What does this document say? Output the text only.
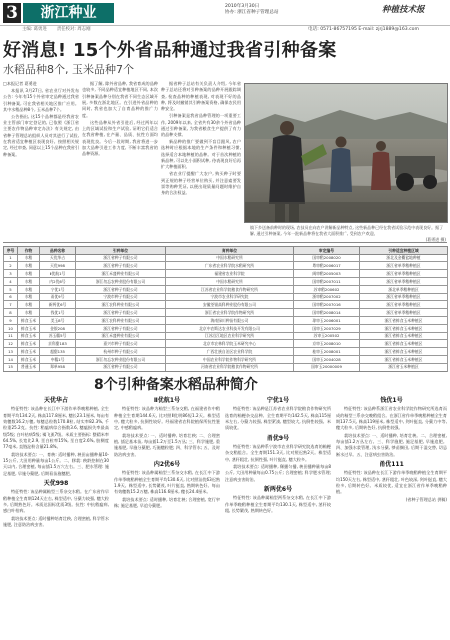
3	浙江种业	2010年3月30日
协办: 浙江省种子管理总站	种植技术报
主编: 葛勇进 责任校对: 周志刚	电话: 0571-86757195 E-mail: zjrj1889@163.com
好消息! 15个外省品种通过我省引种备案
水稻品种8个, 玉米品种7个

□本报记者 葛勇进

本报讯 3月27日, 省农业厅对外发布公告: 今年有15个外省审定品种通过我省引种备案, 可在我省相关地区推广应用。其中水稻品种8个, 玉米品种7个。

公告指出, 这15个品种都是经我省农业主管部门审定登记的, 已依照《浙江省主要农作物品种审定办法》有关规定, 由省种子管理总站组织人员对其进行了试验, 在我省适宜种植区表现良好。按照相关规定, 经过审查, 同意以上15个品种在我省引种备案。

据了解, 除外省品种, 我省育成的品种也较多, 不同品种适宜种植地区不同, 本次引种备案品种分别在我省不同生态区域开展, 多数在浙北地区。在引进外省品种的同时, 我省也加大了自育品种的推广力度。

这些品种从外省引进后, 经过两年以上的区域试验和生产试验, 证明它们适合在我省种植, 在产量、品质、抗性方面均表现优良。今后一段时期, 我省将进一步加大品种引进工作力度, 不断丰富我省的品种资源。

据省种子总站有关负责人介绍, 今年省种子总站还将对引种备案的品种开展跟踪调查, 检查品种的种植表现, 对表现不好的品种, 将及时撤销其引种备案资格, 确保农民用种安全。

引种备案是我省品种管理的一项重要工作, 2009年以来, 全省共有30余个外省品种通过引种备案, 为我省粮食生产提供了有力的品种支撑。

新品种的推广要做到不盲目跟风, 农户选种时应根据本地的生产条件和种植习惯, 选择适合本地种植的品种。对于首次种植的新品种, 可以先小面积试种, 待表现良好后再扩大种植面积。

省农业厅提醒广大农户, 购买种子时要到正规的种子经营单位购买, 并注意索要发票等购种凭证, 以便出现质量问题时维护自身的合法权益。

镇下乡送备前种时的现场, 农技员在向农户讲解新品种特点, 这些新品种已经在我省试验示范中表现良好。据了解, 通过引种备案, 今年一批新品种将在我省大面积推广, 受到农户欢迎。
(葛勇进 摄)
序号	作物	品种名称	引种单位	育种单位	审定编号	引种适宜种植区域
1	水稻	天优华占	浙江省种子有限公司	中国水稻研究所	国审稻2008020	浙北及金衢盆地种植
2	水稻	天优998	浙江省种子有限公司	广东省农业科学院水稻研究所	粤审稻2006017	浙江省单季稻种植区
3	水稻	Ⅱ优航1号	浙江禾盛种业有限公司	福建省农业科学院	闽审稻2005003	浙江省单季稻种植区
4	水稻	内2优6号	浙江勿忘农种业股份有限公司	中国水稻研究所	国审稻2007011	浙江省单季稻种植区
5	水稻	宁优1号	浙江省种子有限公司	江苏省农业科学院粮食作物研究所	苏审稻200602	浙北单季稻种植区
6	水稻	甬优9号	宁波市种子有限公司	宁波市农业科学研究院	浙审稻2007002	浙江省单季稻种植区
7	水稻	新两优6号	浙江农科种业有限公司	安徽荃银高科种业股份有限公司	国审稻2007016	浙江省单季稻种植区
8	水稻	钱优1号	浙江省种子有限公司	浙江省农业科学院作物研究所	国审稻2008014	浙江省单季稻种植区
9	鲜食玉米	美玉8号	浙江农科种业有限公司	海南绿川种苗有限公司	琼审玉2006001	浙江省鲜食玉米种植区
10	鲜食玉米	金银208	浙江省种子有限公司	北京中农斯达农业科技开发有限公司	国审玉2007029	浙江省鲜食玉米种植区
11	鲜食玉米	苏玉糯5号	浙江禾盛种业有限公司	江苏沿江地区农业科学研究所	苏审玉200502	浙江省鲜食玉米种植区
12	鲜食玉米	京科甜183	嘉兴市种子有限公司	北京市农林科学院玉米研究中心	京审玉2008010	浙江省鲜食玉米种植区
13	鲜食玉米	超甜135	杭州市种子有限公司	广西壮族自治区农业科学院	桂审玉2008001	浙江省鲜食玉米种植区
14	鲜食玉米	中糯1号	浙江勿忘农种业股份有限公司	中国农业科学院作物科学研究所	国审玉2004028	浙江省鲜食玉米种植区
15	普通玉米	郑单958	浙江省种子有限公司	河南省农业科学院粮食作物研究所	国审玉20000009	浙江省玉米种植区
8个引种备案水稻品种简介

天优华占

特征特性: 该品种在长江中下游作单季晚稻种植, 全生育期平均134.2天, 株高117.8厘米, 穗长23.1厘米, 每亩有效穗数16.2万穗, 每穗总粒数170.8粒, 结实率82.3%, 千粒重25.2克。抗性: 稻瘟病综合指数3.6, 穗瘟损失率最高级5级; 白叶枯病5级; 褐飞虱7级。米质主要指标: 整精米率64.5%, 长宽比2.9, 垩白粒率15%, 垩白度2.6%, 胶稠度77毫米, 直链淀粉含量21.8%。

栽培技术要点: 一、育秧: 适时播种, 秧田亩播种量10-15公斤, 大田用种量每亩1公斤。二、移栽: 秧龄控制在30天以内, 合理密植, 每亩插1.5万穴左右。三、肥水管理: 施足基肥, 早施分蘖肥, 后期看苗施穗肥。

天优998

特征特性: 该品种属籼型三系杂交水稻。在广东省作早稻种植全生育期124天左右, 株型适中, 分蘖力较强, 穗大粒多, 后期熟色好。米质达国标优质3级。抗性: 中抗稻瘟病, 感白叶枯病。

栽培技术要点: 适时播种培育壮秧, 合理密植, 科学管水施肥, 注意防治病虫害。

Ⅱ优航1号

特征特性: 该品种为籼型三系杂交稻, 在福建省作中稻种植全生育期144.6天, 比对照Ⅱ优明86短1.2天。株型适中, 穗大粒多, 抗倒性较好。经福建省农科院植保所抗性鉴定, 中感稻瘟病。

栽培技术要点: 一、适时播种, 培育壮秧; 二、合理密植, 插足基本苗, 每亩插1.2万至1.5万丛; 三、科学施肥, 重施基肥, 早施分蘖肥, 巧施穗粒肥; 四、科学管水; 五、及时防治病虫害。

内2优6号

特征特性: 该品种属籼型三系杂交水稻, 在长江中下游作单季晚稻种植全生育期平均130.6天, 比对照汕优63迟熟1.9天。株型适中, 长势繁茂, 叶片挺直, 熟期转色好。每亩有效穗数15.2万穗, 株高116.6厘米, 穗长24.4厘米。

栽培技术要点: 适时播种, 培育壮秧; 合理密植, 宽行窄株; 施足基肥, 早追分蘖肥。

宁优1号

特征特性: 该品种是江苏省农业科学院粮食作物研究所选育的籼粳杂交品种。全生育期平均142.5天, 株高115厘米左右, 分蘖力较强, 株型紧凑, 穗型较大, 抗倒性较强。米质较优。

甬优9号

特征特性: 该品种系宁波市农业科学研究院选育的籼粳杂交稻组合。全生育期151.3天, 比对照迟熟2天。株型适中, 茎秆粗壮, 抗倒性强, 叶片挺直, 穗大粒多。

栽培技术要点: 适时播种, 稀播匀播, 秧田播种量每亩8公斤, 大田用种量每亩0.75公斤; 合理密植; 科学肥水管理; 注意病虫害防治。

新两优6号

特征特性: 该品种属籼型两系杂交水稻, 在长江中下游作单季晚稻种植全生育期平均130.1天, 株型适中, 茎秆较粗, 长势繁茂, 熟期转色好。

钱优1号

特征特性: 该品种系浙江省农业科学院作物研究所选育而成的籼型三系杂交晚稻组合。在浙江省作单季晚稻种植全生育期137.5天, 株高119厘米, 株型适中, 剑叶挺直, 分蘖力中等, 穗大粒多, 后期转色好, 抗倒性较强。

栽培技术要点: 一、适时播种, 培育壮秧。二、合理密植, 每亩插1.2万丛左右。三、科学施肥, 施足基肥, 早施追肥。四、加强水浆管理, 浅水分蘖, 够苗搁田, 后期干湿交替, 切忌断水过早。五、注意病虫害防治。

甬优111

特征特性: 该品种在长江下游作单季晚稻种植全生育期平均150天左右, 株型适中, 茎秆粗壮, 叶色较深, 剑叶挺直, 穗大粒多, 后期转色好。米质较优, 适宜在浙江省作单季晚稻种植。

(省种子管理总站 供稿)
